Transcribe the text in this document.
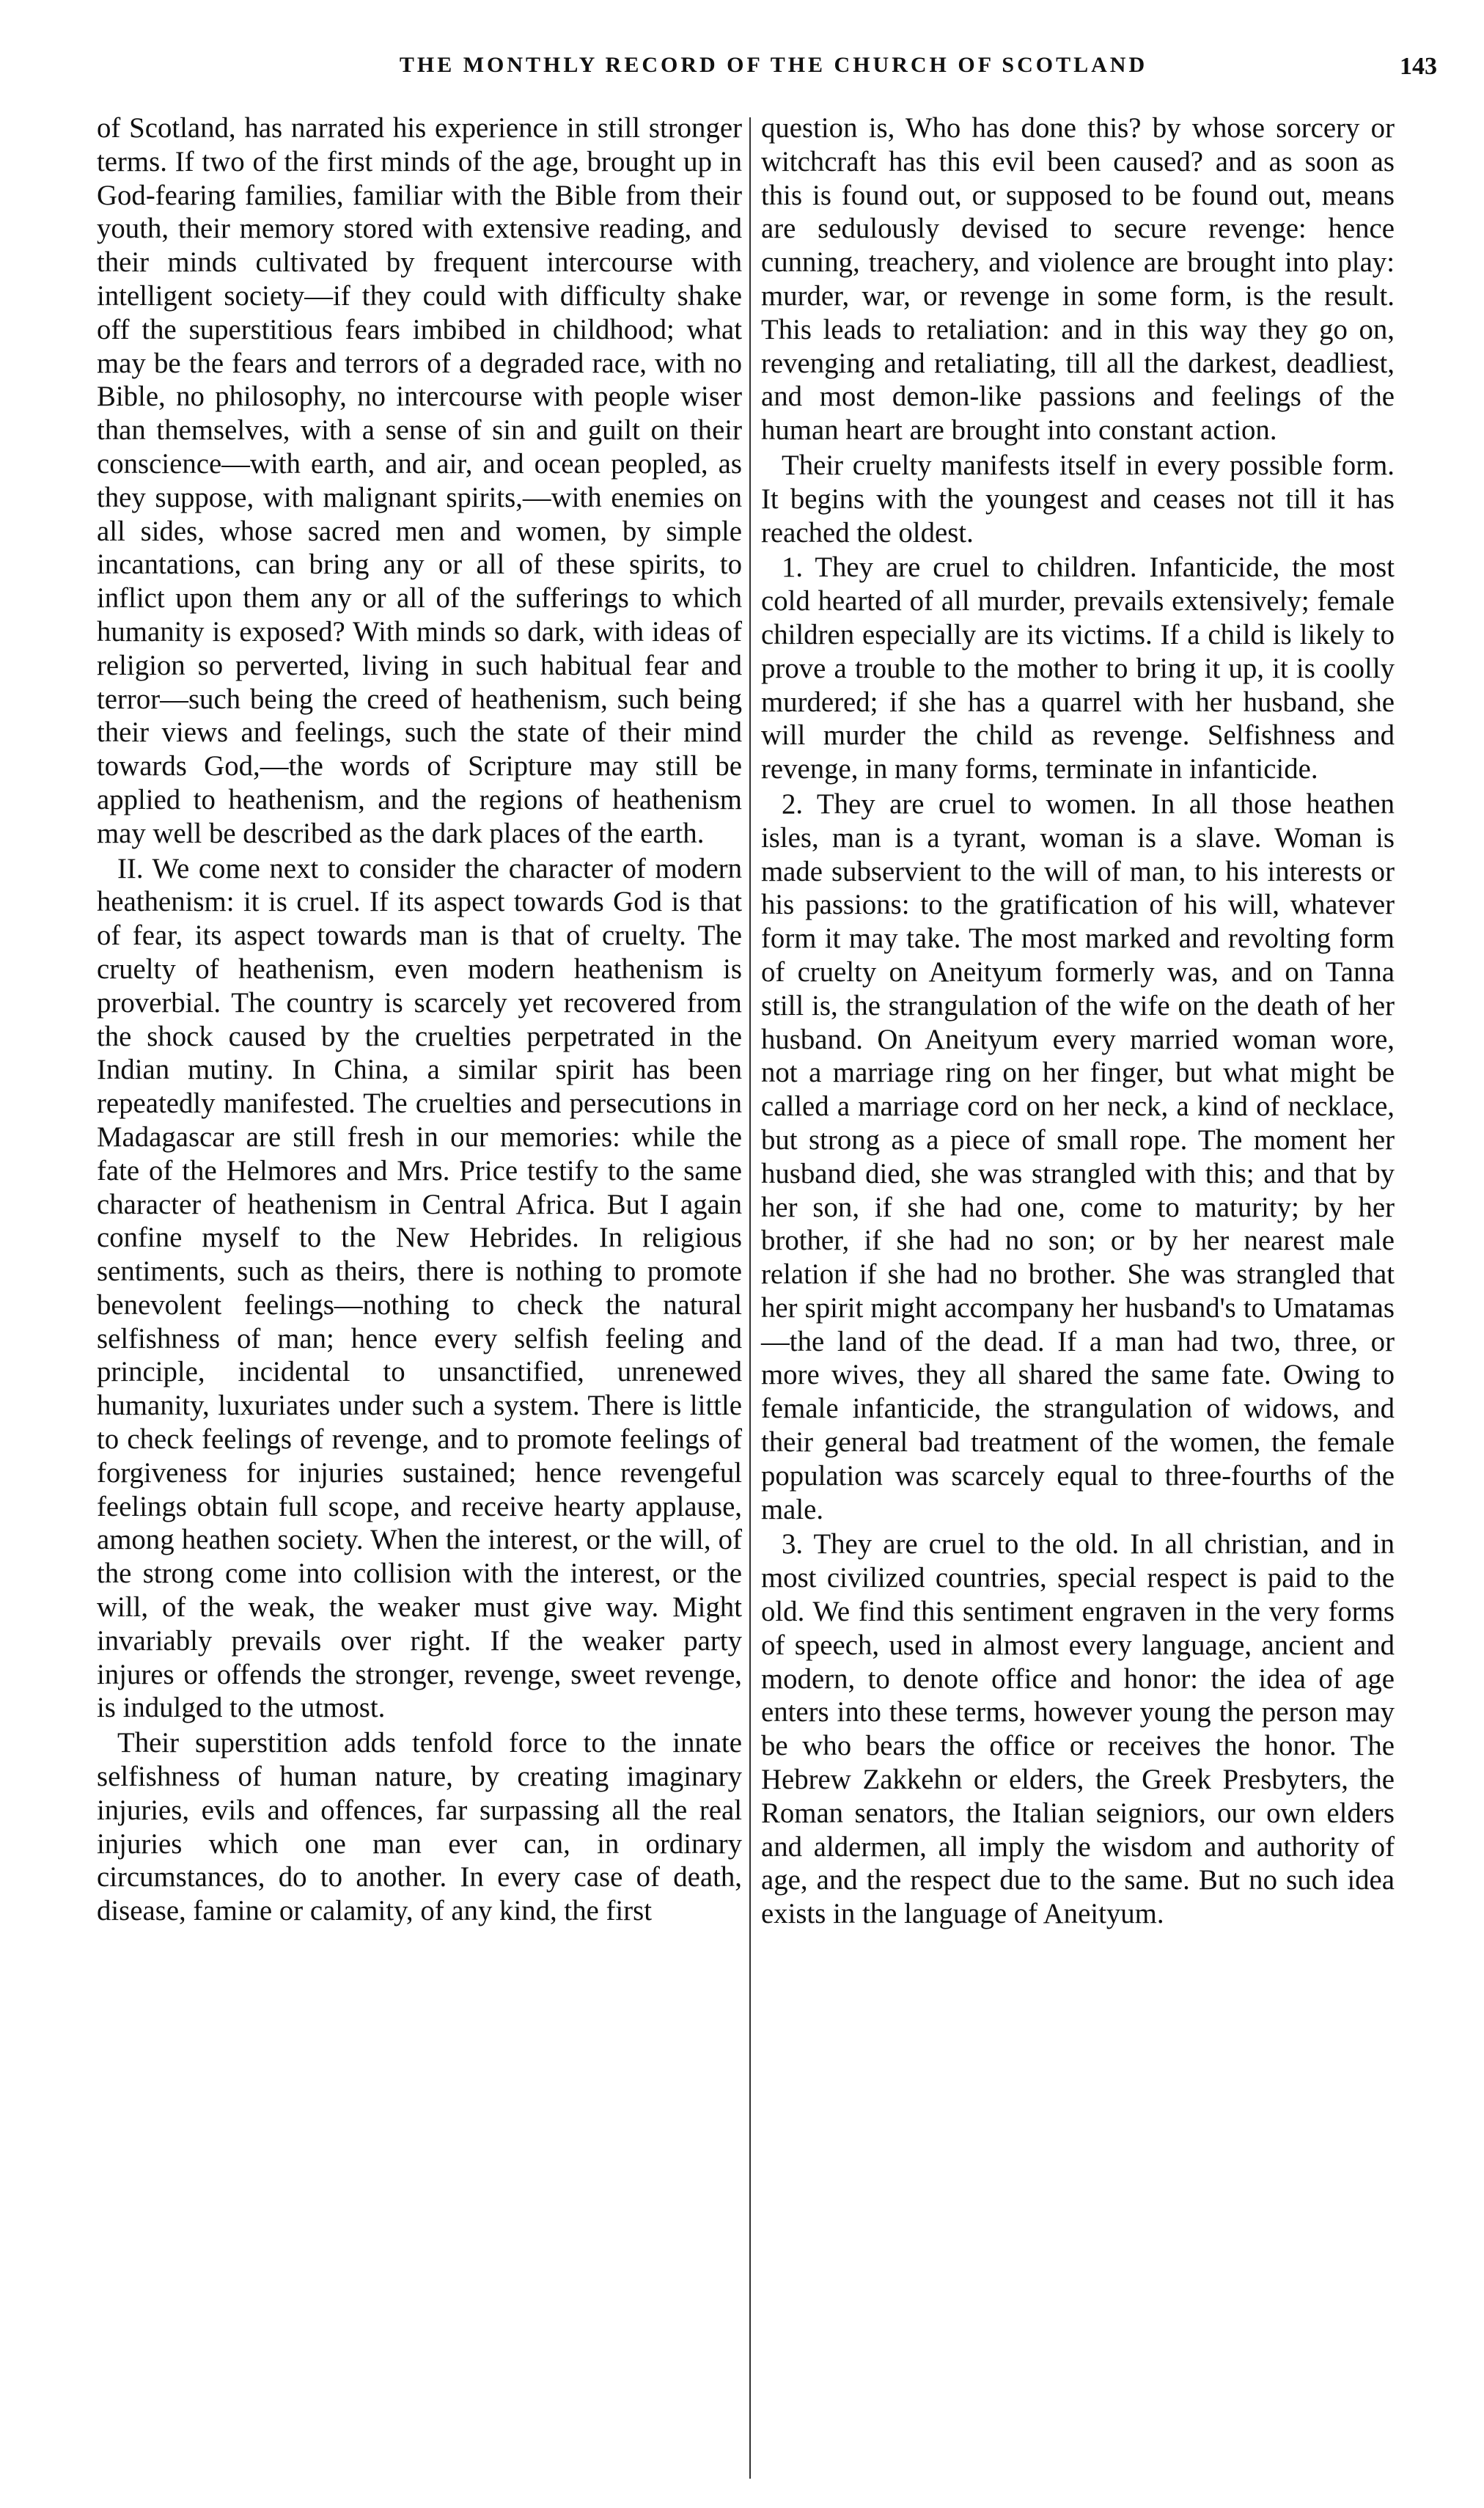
THE MONTHLY RECORD OF THE CHURCH OF SCOTLAND	143

of Scotland, has narrated his experience in still stronger terms. If two of the first minds of the age, brought up in God-fearing families, familiar with the Bible from their youth, their memory stored with extensive reading, and their minds cultivated by frequent intercourse with intelligent society—if they could with difficulty shake off the superstitious fears imbibed in childhood; what may be the fears and terrors of a degraded race, with no Bible, no philosophy, no intercourse with people wiser than themselves, with a sense of sin and guilt on their conscience—with earth, and air, and ocean peopled, as they suppose, with malignant spirits,—with enemies on all sides, whose sacred men and women, by simple incantations, can bring any or all of these spirits, to inflict upon them any or all of the sufferings to which humanity is exposed? With minds so dark, with ideas of religion so perverted, living in such habitual fear and terror—such being the creed of heathenism, such being their views and feelings, such the state of their mind towards God,—the words of Scripture may still be applied to heathenism, and the regions of heathenism may well be described as the dark places of the earth.

II. We come next to consider the character of modern heathenism: it is cruel. If its aspect towards God is that of fear, its aspect towards man is that of cruelty. The cruelty of heathenism, even modern heathenism is proverbial. The country is scarcely yet recovered from the shock caused by the cruelties perpetrated in the Indian mutiny. In China, a similar spirit has been repeatedly manifested. The cruelties and persecutions in Madagascar are still fresh in our memories: while the fate of the Helmores and Mrs. Price testify to the same character of heathenism in Central Africa. But I again confine myself to the New Hebrides. In religious sentiments, such as theirs, there is nothing to promote benevolent feelings—nothing to check the natural selfishness of man; hence every selfish feeling and principle, incidental to unsanctified, unrenewed humanity, luxuriates under such a system. There is little to check feelings of revenge, and to promote feelings of forgiveness for injuries sustained; hence revengeful feelings obtain full scope, and receive hearty applause, among heathen society. When the interest, or the will, of the strong come into collision with the interest, or the will, of the weak, the weaker must give way. Might invariably prevails over right. If the weaker party injures or offends the stronger, revenge, sweet revenge, is indulged to the utmost.

Their superstition adds tenfold force to the innate selfishness of human nature, by creating imaginary injuries, evils and offences, far surpassing all the real injuries which one man ever can, in ordinary circumstances, do to another. In every case of death, disease, famine or calamity, of any kind, the first

question is, Who has done this? by whose sorcery or witchcraft has this evil been caused? and as soon as this is found out, or supposed to be found out, means are sedulously devised to secure revenge: hence cunning, treachery, and violence are brought into play: murder, war, or revenge in some form, is the result. This leads to retaliation: and in this way they go on, revenging and retaliating, till all the darkest, deadliest, and most demon-like passions and feelings of the human heart are brought into constant action.

Their cruelty manifests itself in every possible form. It begins with the youngest and ceases not till it has reached the oldest.

1. They are cruel to children. Infanticide, the most cold hearted of all murder, prevails extensively; female children especially are its victims. If a child is likely to prove a trouble to the mother to bring it up, it is coolly murdered; if she has a quarrel with her husband, she will murder the child as revenge. Selfishness and revenge, in many forms, terminate in infanticide.

2. They are cruel to women. In all those heathen isles, man is a tyrant, woman is a slave. Woman is made subservient to the will of man, to his interests or his passions: to the gratification of his will, whatever form it may take. The most marked and revolting form of cruelty on Aneityum formerly was, and on Tanna still is, the strangulation of the wife on the death of her husband. On Aneityum every married woman wore, not a marriage ring on her finger, but what might be called a marriage cord on her neck, a kind of necklace, but strong as a piece of small rope. The moment her husband died, she was strangled with this; and that by her son, if she had one, come to maturity; by her brother, if she had no son; or by her nearest male relation if she had no brother. She was strangled that her spirit might accompany her husband's to Umatamas—the land of the dead. If a man had two, three, or more wives, they all shared the same fate. Owing to female infanticide, the strangulation of widows, and their general bad treatment of the women, the female population was scarcely equal to three-fourths of the male.

3. They are cruel to the old. In all christian, and in most civilized countries, special respect is paid to the old. We find this sentiment engraven in the very forms of speech, used in almost every language, ancient and modern, to denote office and honor: the idea of age enters into these terms, however young the person may be who bears the office or receives the honor. The Hebrew Zakkehn or elders, the Greek Presbyters, the Roman senators, the Italian seigniors, our own elders and aldermen, all imply the wisdom and authority of age, and the respect due to the same. But no such idea exists in the language of Aneityum.
